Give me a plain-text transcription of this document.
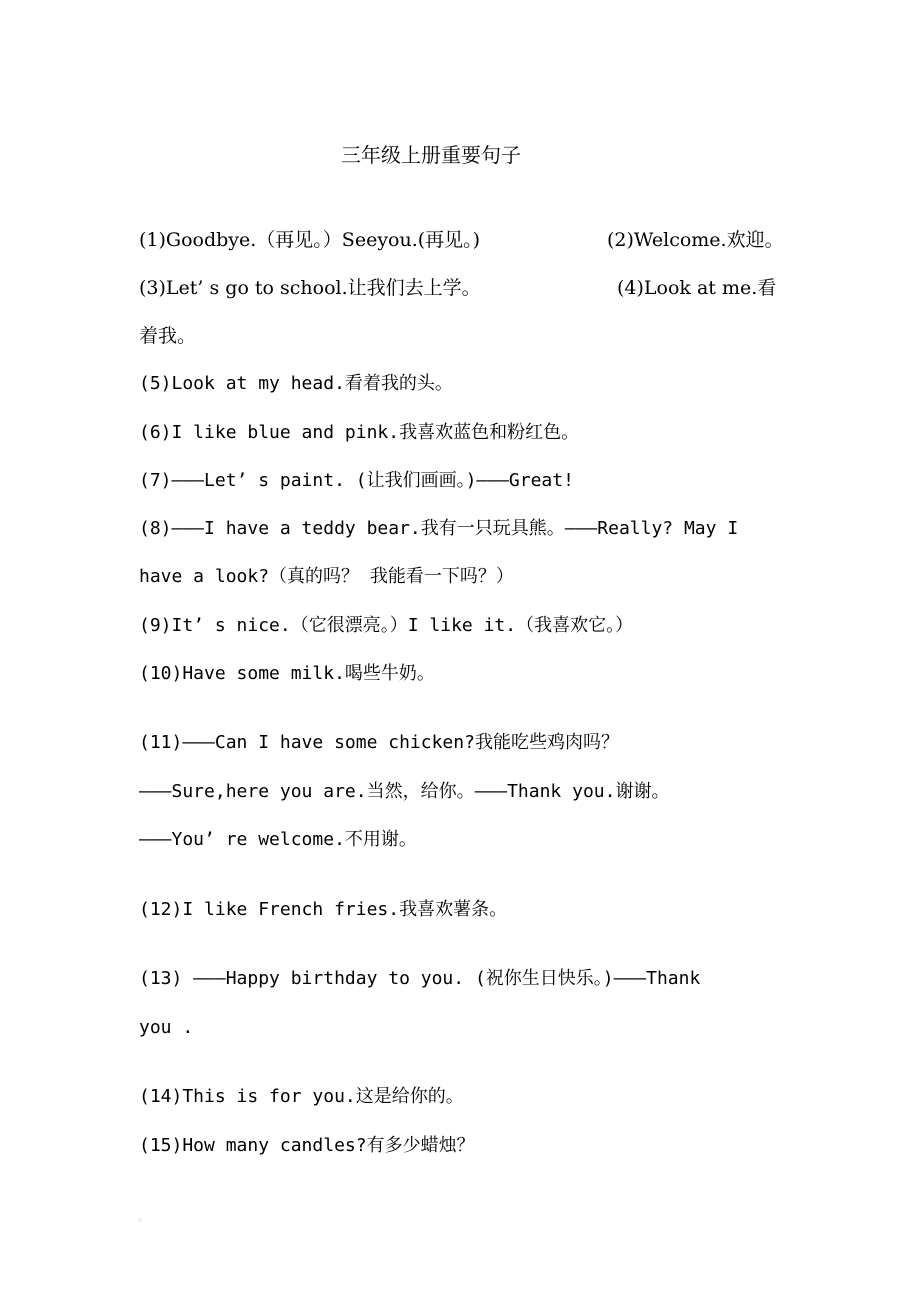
三年级上册重要句子
(1)Goodbye.（再见。）Seeyou.(再见。)	(2)Welcome.欢迎。
(3)Let’ s go to school.让我们去上学。	(4)Look at me.看
着我。
(5)Look at my head.看着我的头。
(6)I like blue and pink.我喜欢蓝色和粉红色。
(7)———Let’ s paint. (让我们画画。)———Great!
(8)———I have a teddy bear.我有一只玩具熊。———Really? May I
have a look?（真的吗？ 我能看一下吗？）
(9)It’ s nice.（它很漂亮。）I like it.（我喜欢它。）
(10)Have some milk.喝些牛奶。
(11)———Can I have some chicken?我能吃些鸡肉吗？
———Sure,here you are.当然，给你。———Thank you.谢谢。
———You’ re welcome.不用谢。
(12)I like French fries.我喜欢薯条。
(13) ———Happy birthday to you. (祝你生日快乐。)———Thank
you .
(14)This is for you.这是给你的。
(15)How many candles?有多少蜡烛？
